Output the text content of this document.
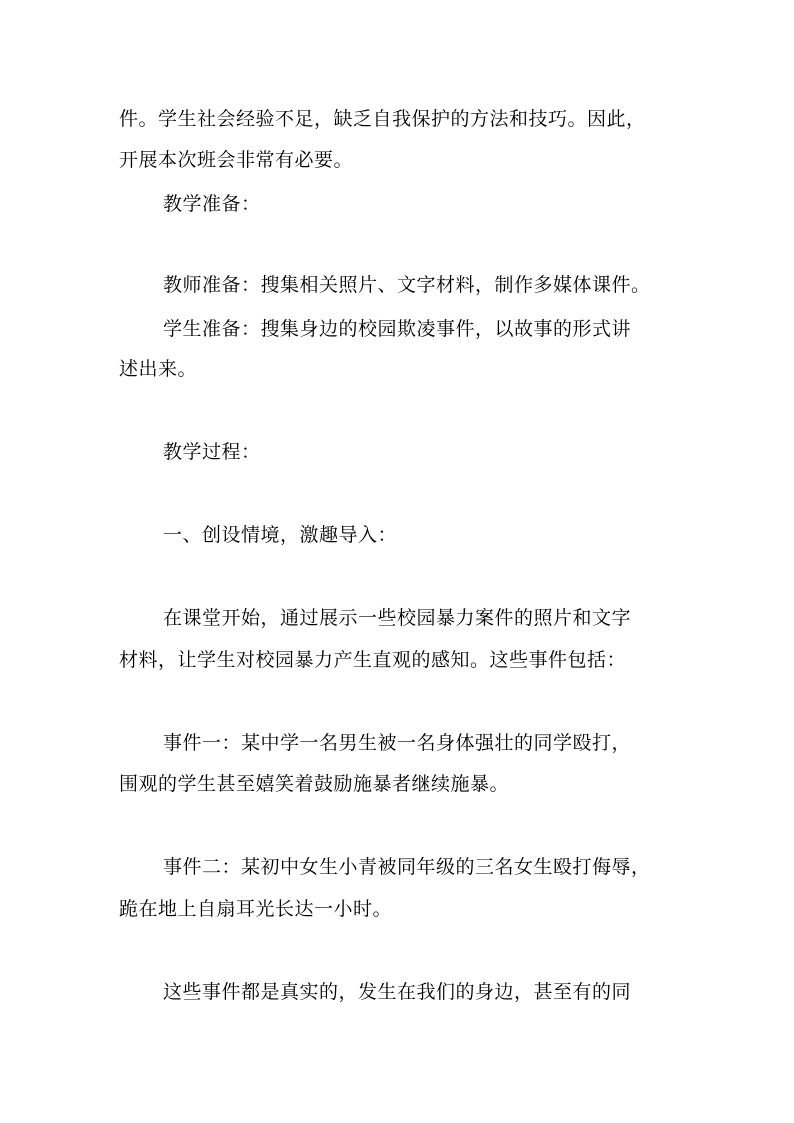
件。学生社会经验不足，缺乏自我保护的方法和技巧。因此，
开展本次班会非常有必要。
教学准备：
教师准备：搜集相关照片、文字材料，制作多媒体课件。
学生准备：搜集身边的校园欺凌事件，以故事的形式讲
述出来。
教学过程：
一、创设情境，激趣导入：
在课堂开始，通过展示一些校园暴力案件的照片和文字
材料，让学生对校园暴力产生直观的感知。这些事件包括：
事件一：某中学一名男生被一名身体强壮的同学殴打，
围观的学生甚至嬉笑着鼓励施暴者继续施暴。
事件二：某初中女生小青被同年级的三名女生殴打侮辱，
跪在地上自扇耳光长达一小时。
这些事件都是真实的，发生在我们的身边，甚至有的同
